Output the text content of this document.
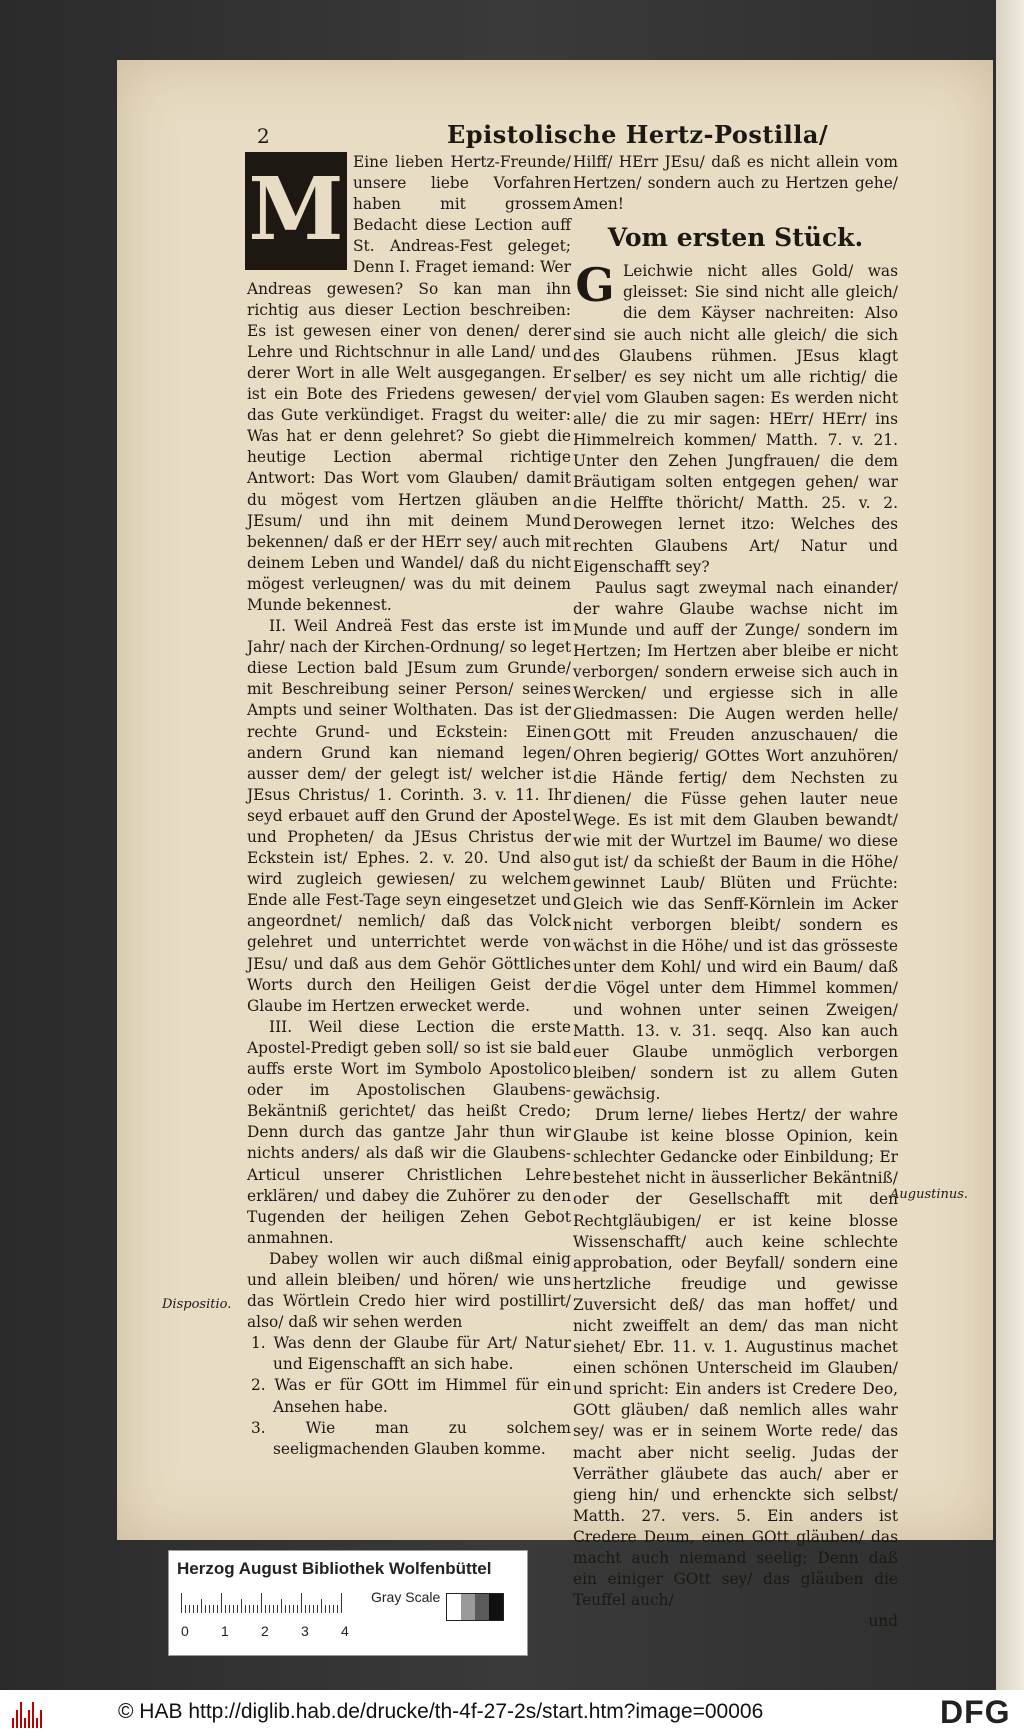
2	Epistolische Hertz-Postilla/
M Eine lieben Hertz-Freunde/ unsere liebe Vorfahren haben mit grossem Bedacht diese Lection auff St. Andreas-Fest geleget; Denn I. Fraget iemand: Wer Andreas gewesen? So kan man ihn richtig aus dieser Lection beschreiben: Es ist gewesen einer von denen/ derer Lehre und Richtschnur in alle Land/ und derer Wort in alle Welt ausgegangen. Er ist ein Bote des Friedens gewesen/ der das Gute verkündiget. Fragst du weiter: Was hat er denn gelehret? So giebt die heutige Lection abermal richtige Antwort: Das Wort vom Glauben/ damit du mögest vom Hertzen gläuben an JEsum/ und ihn mit deinem Mund bekennen/ daß er der HErr sey/ auch mit deinem Leben und Wandel/ daß du nicht mögest verleugnen/ was du mit deinem Munde bekennest.

II. Weil Andreä Fest das erste ist im Jahr/ nach der Kirchen-Ordnung/ so leget diese Lection bald JEsum zum Grunde/ mit Beschreibung seiner Person/ seines Ampts und seiner Wolthaten. Das ist der rechte Grund- und Eckstein: Einen andern Grund kan niemand legen/ ausser dem/ der gelegt ist/ welcher ist JEsus Christus/ 1. Corinth. 3. v. 11. Ihr seyd erbauet auff den Grund der Apostel und Propheten/ da JEsus Christus der Eckstein ist/ Ephes. 2. v. 20. Und also wird zugleich gewiesen/ zu welchem Ende alle Fest-Tage seyn eingesetzet und angeordnet/ nemlich/ daß das Volck gelehret und unterrichtet werde von JEsu/ und daß aus dem Gehör Göttliches Worts durch den Heiligen Geist der Glaube im Hertzen erwecket werde.

III. Weil diese Lection die erste Apostel-Predigt geben soll/ so ist sie bald auffs erste Wort im Symbolo Apostolico oder im Apostolischen Glaubens-Bekäntniß gerichtet/ das heißt Credo; Denn durch das gantze Jahr thun wir nichts anders/ als daß wir die Glaubens-Articul unserer Christlichen Lehre erklären/ und dabey die Zuhörer zu den Tugenden der heiligen Zehen Gebot anmahnen.

Dabey wollen wir auch dißmal einig und allein bleiben/ und hören/ wie uns das Wörtlein Credo hier wird postillirt/ also/ daß wir sehen werden

1. Was denn der Glaube für Art/ Natur und Eigenschafft an sich habe.
2. Was er für GOtt im Himmel für ein Ansehen habe.
3. Wie man zu solchem seeligmachenden Glauben komme.

Hilff/ HErr JEsu/ daß es nicht allein vom Hertzen/ sondern auch zu Hertzen gehe/ Amen!

Vom ersten Stück.
G Leichwie nicht alles Gold/ was gleisset: Sie sind nicht alle gleich/ die dem Käyser nachreiten: Also sind sie auch nicht alle gleich/ die sich des Glaubens rühmen. JEsus klagt selber/ es sey nicht um alle richtig/ die viel vom Glauben sagen: Es werden nicht alle/ die zu mir sagen: HErr/ HErr/ ins Himmelreich kommen/ Matth. 7. v. 21. Unter den Zehen Jungfrauen/ die dem Bräutigam solten entgegen gehen/ war die Helffte thöricht/ Matth. 25. v. 2. Derowegen lernet itzo: Welches des rechten Glaubens Art/ Natur und Eigenschafft sey?

Paulus sagt zweymal nach einander/ der wahre Glaube wachse nicht im Munde und auff der Zunge/ sondern im Hertzen; Im Hertzen aber bleibe er nicht verborgen/ sondern erweise sich auch in Wercken/ und ergiesse sich in alle Gliedmassen: Die Augen werden helle/ GOtt mit Freuden anzuschauen/ die Ohren begierig/ GOttes Wort anzuhören/ die Hände fertig/ dem Nechsten zu dienen/ die Füsse gehen lauter neue Wege. Es ist mit dem Glauben bewandt/ wie mit der Wurtzel im Baume/ wo diese gut ist/ da schießt der Baum in die Höhe/ gewinnet Laub/ Blüten und Früchte: Gleich wie das Senff-Körnlein im Acker nicht verborgen bleibt/ sondern es wächst in die Höhe/ und ist das grösseste unter dem Kohl/ und wird ein Baum/ daß die Vögel unter dem Himmel kommen/ und wohnen unter seinen Zweigen/ Matth. 13. v. 31. seqq. Also kan auch euer Glaube unmöglich verborgen bleiben/ sondern ist zu allem Guten gewächsig.

Drum lerne/ liebes Hertz/ der wahre Glaube ist keine blosse Opinion, kein schlechter Gedancke oder Einbildung; Er bestehet nicht in äusserlicher Bekäntniß/ oder der Gesellschafft mit den Rechtgläubigen/ er ist keine blosse Wissenschafft/ auch keine schlechte approbation, oder Beyfall/ sondern eine hertzliche freudige und gewisse Zuversicht deß/ das man hoffet/ und nicht zweiffelt an dem/ das man nicht siehet/ Ebr. 11. v. 1. Augustinus machet einen schönen Unterscheid im Glauben/ und spricht: Ein anders ist Credere Deo, GOtt gläuben/ daß nemlich alles wahr sey/ was er in seinem Worte rede/ das macht aber nicht seelig. Judas der Verräther gläubete das auch/ aber er gieng hin/ und erhenckte sich selbst/ Matth. 27. vers. 5. Ein anders ist Credere Deum, einen GOtt gläuben/ das macht auch niemand seelig; Denn daß ein einiger GOtt sey/ das gläuben die Teuffel auch/

und

Dispositio.
Augustinus.
Herzog August Bibliothek Wolfenbüttel
0 1 2 3 4
Gray Scale
© HAB http://diglib.hab.de/drucke/th-4f-27-2s/start.htm?image=00006	DFG
